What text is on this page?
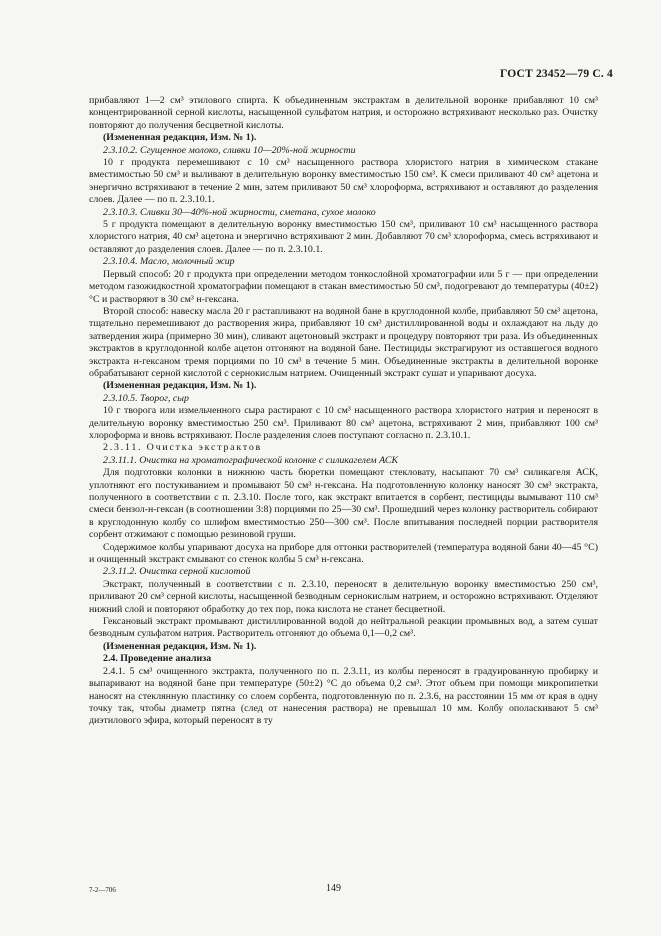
ГОСТ 23452—79 С. 4

прибавляют 1—2 см³ этилового спирта. К объединенным экстрактам в делительной воронке прибавляют 10 см³ концентрированной серной кислоты, насыщенной сульфатом натрия, и осторожно встряхивают несколько раз. Очистку повторяют до получения бесцветной кислоты.

(Измененная редакция, Изм. № 1).

2.3.10.2. Сгущенное молоко, сливки 10—20%-ной жирности

10 г продукта перемешивают с 10 см³ насыщенного раствора хлористого натрия в химическом стакане вместимостью 50 см³ и выливают в делительную воронку вместимостью 150 см³. К смеси приливают 40 см³ ацетона и энергично встряхивают в течение 2 мин, затем приливают 50 см³ хлороформа, встряхивают и оставляют до разделения слоев. Далее — по п. 2.3.10.1.

2.3.10.3. Сливки 30—40%-ной жирности, сметана, сухое молоко

5 г продукта помещают в делительную воронку вместимостью 150 см³, приливают 10 см³ насыщенного раствора хлористого натрия, 40 см³ ацетона и энергично встряхивают 2 мин. Добавляют 70 см³ хлороформа, смесь встряхивают и оставляют до разделения слоев. Далее — по п. 2.3.10.1.

2.3.10.4. Масло, молочный жир

Первый способ: 20 г продукта при определении методом тонкослойной хроматографии или 5 г — при определении методом газожидкостной хроматографии помещают в стакан вместимостью 50 см³, подогревают до температуры (40±2) °C и растворяют в 30 см³ н-гексана.

Второй способ: навеску масла 20 г растапливают на водяной бане в круглодонной колбе, прибавляют 50 см³ ацетона, тщательно перемешивают до растворения жира, прибавляют 10 см³ дистиллированной воды и охлаждают на льду до затвердения жира (примерно 30 мин), сливают ацетоновый экстракт и процедуру повторяют три раза. Из объединенных экстрактов в круглодонной колбе ацетон отгоняют на водяной бане. Пестициды экстрагируют из оставшегося водного экстракта н-гексаном тремя порциями по 10 см³ в течение 5 мин. Объединенные экстракты в делительной воронке обрабатывают серной кислотой с сернокислым натрием. Очищенный экстракт сушат и упаривают досуха.

(Измененная редакция, Изм. № 1).

2.3.10.5. Творог, сыр

10 г творога или измельченного сыра растирают с 10 см³ насыщенного раствора хлористого натрия и переносят в делительную воронку вместимостью 250 см³. Приливают 80 см³ ацетона, встряхивают 2 мин, прибавляют 100 см³ хлороформа и вновь встряхивают. После разделения слоев поступают согласно п. 2.3.10.1.

2.3.11. Очистка экстрактов

2.3.11.1. Очистка на хроматографической колонке с силикагелем АСК

Для подготовки колонки в нижнюю часть бюретки помещают стекловату, насыпают 70 см³ силикагеля АСК, уплотняют его постукиванием и промывают 50 см³ н-гексана. На подготовленную колонку наносят 30 см³ экстракта, полученного в соответствии с п. 2.3.10. После того, как экстракт впитается в сорбент, пестициды вымывают 110 см³ смеси бензол-н-гексан (в соотношении 3:8) порциями по 25—30 см³. Прошедший через колонку растворитель собирают в круглодонную колбу со шлифом вместимостью 250—300 см³. После впитывания последней порции растворителя сорбент отжимают с помощью резиновой груши.

Содержимое колбы упаривают досуха на приборе для оттонки растворителей (температура водяной бани 40—45 °C) и очищенный экстракт смывают со стенок колбы 5 см³ н-гексана.

2.3.11.2. Очистка серной кислотой

Экстракт, полученный в соответствии с п. 2.3.10, переносят в делительную воронку вместимостью 250 см³, приливают 20 см³ серной кислоты, насыщенной безводным сернокислым натрием, и осторожно встряхивают. Отделяют нижний слой и повторяют обработку до тех пор, пока кислота не станет бесцветной.

Гексановый экстракт промывают дистиллированной водой до нейтральной реакции промывных вод, а затем сушат безводным сульфатом натрия. Растворитель отгоняют до объема 0,1—0,2 см³.

(Измененная редакция, Изм. № 1).

2.4. Проведение анализа

2.4.1. 5 см³ очищенного экстракта, полученного по п. 2.3.11, из колбы переносят в градуированную пробирку и выпаривают на водяной бане при температуре (50±2) °C до объема 0,2 см³. Этот объем при помощи микропипетки наносят на стеклянную пластинку со слоем сорбента, подготовленную по п. 2.3.6, на расстоянии 15 мм от края в одну точку так, чтобы диаметр пятна (след от нанесения раствора) не превышал 10 мм. Колбу ополаскивают 5 см³ диэтилового эфира, который переносят в ту

7-2—706	149
